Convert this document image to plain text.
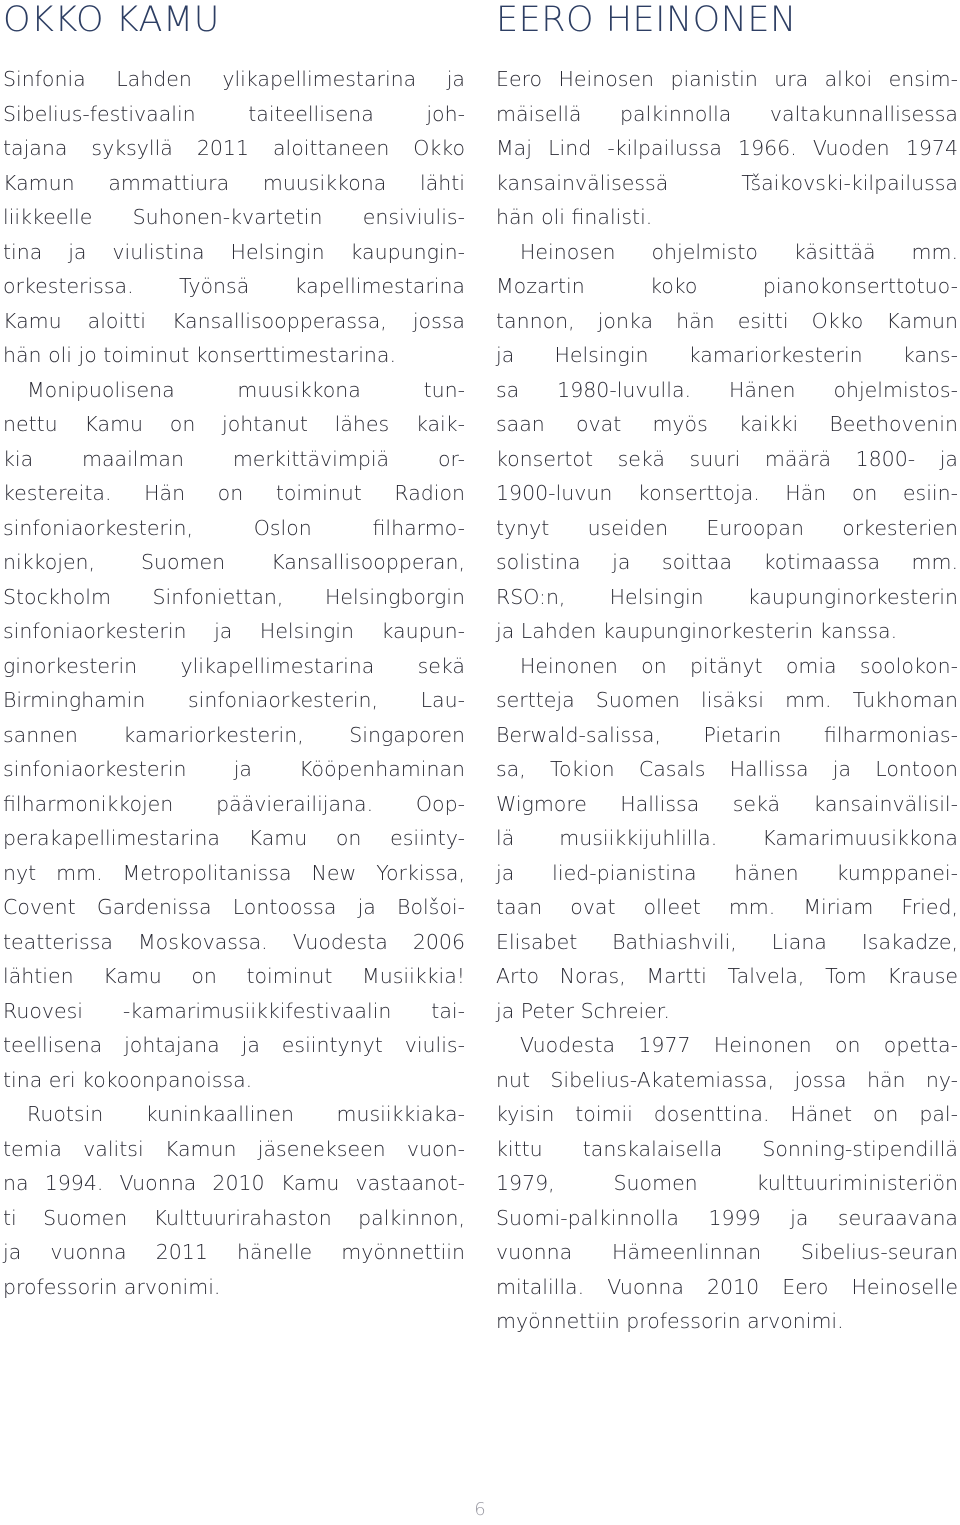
OKKO KAMU

Sinfonia Lahden ylikapellimestarina ja
Sibelius-festivaalin taiteellisena joh-
tajana syksyllä 2011 aloittaneen Okko
Kamun ammattiura muusikkona lähti
liikkeelle Suhonen-kvartetin ensiviulis-
tina ja viulistina Helsingin kaupungin-
orkesterissa. Työnsä kapellimestarina
Kamu aloitti Kansallisoopperassa, jossa
hän oli jo toiminut konserttimestarina.

Monipuolisena muusikkona tun-
nettu Kamu on johtanut lähes kaik-
kia maailman merkittävimpiä or-
kestereita. Hän on toiminut Radion
sinfoniaorkesterin, Oslon filharmo-
nikkojen, Suomen Kansallisoopperan,
Stockholm Sinfoniettan, Helsingborgin
sinfoniaorkesterin ja Helsingin kaupun-
ginorkesterin ylikapellimestarina sekä
Birminghamin sinfoniaorkesterin, Lau-
sannen kamariorkesterin, Singaporen
sinfoniaorkesterin ja Kööpenhaminan
filharmonikkojen päävierailijana. Oop-
perakapellimestarina Kamu on esiinty-
nyt mm. Metropolitanissa New Yorkissa,
Covent Gardenissa Lontoossa ja Bolšoi-
teatterissa Moskovassa. Vuodesta 2006
lähtien Kamu on toiminut Musiikkia!
Ruovesi -kamarimusiikkifestivaalin tai-
teellisena johtajana ja esiintynyt viulis-
tina eri kokoonpanoissa.

Ruotsin kuninkaallinen musiikkiaka-
temia valitsi Kamun jäsenekseen vuon-
na 1994. Vuonna 2010 Kamu vastaanot-
ti Suomen Kulttuurirahaston palkinnon,
ja vuonna 2011 hänelle myönnettiin
professorin arvonimi.

EERO HEINONEN

Eero Heinosen pianistin ura alkoi ensim-
mäisellä palkinnolla valtakunnallisessa
Maj Lind -kilpailussa 1966. Vuoden 1974
kansainvälisessä Tšaikovski-kilpailussa
hän oli finalisti.

Heinosen ohjelmisto käsittää mm.
Mozartin koko pianokonserttotuo-
tannon, jonka hän esitti Okko Kamun
ja Helsingin kamariorkesterin kans-
sa 1980-luvulla. Hänen ohjelmistos-
saan ovat myös kaikki Beethovenin
konsertot sekä suuri määrä 1800- ja
1900-luvun konserttoja. Hän on esiin-
tynyt useiden Euroopan orkesterien
solistina ja soittaa kotimaassa mm.
RSO:n, Helsingin kaupunginorkesterin
ja Lahden kaupunginorkesterin kanssa.

Heinonen on pitänyt omia soolokon-
sertteja Suomen lisäksi mm. Tukhoman
Berwald-salissa, Pietarin filharmonias-
sa, Tokion Casals Hallissa ja Lontoon
Wigmore Hallissa sekä kansainvälisil-
lä musiikkijuhlilla. Kamarimuusikkona
ja lied-pianistina hänen kumppanei-
taan ovat olleet mm. Miriam Fried,
Elisabet Bathiashvili, Liana Isakadze,
Arto Noras, Martti Talvela, Tom Krause
ja Peter Schreier.

Vuodesta 1977 Heinonen on opetta-
nut Sibelius-Akatemiassa, jossa hän ny-
kyisin toimii dosenttina. Hänet on pal-
kittu tanskalaisella Sonning-stipendillä
1979, Suomen kulttuuriministeriön
Suomi-palkinnolla 1999 ja seuraavana
vuonna Hämeenlinnan Sibelius-seuran
mitalilla. Vuonna 2010 Eero Heinoselle
myönnettiin professorin arvonimi.

6
